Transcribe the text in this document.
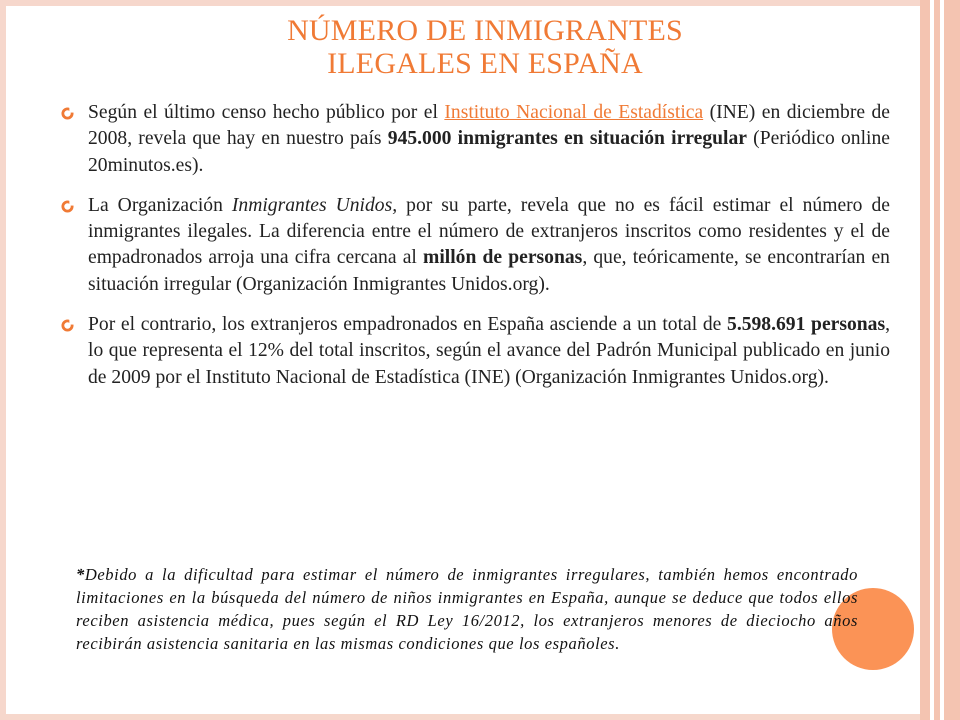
NÚMERO DE INMIGRANTES
ILEGALES EN ESPAÑA
Según el último censo hecho público por el Instituto Nacional de Estadística (INE) en diciembre de 2008, revela que hay en nuestro país 945.000 inmigrantes en situación irregular (Periódico online 20minutos.es).
La Organización Inmigrantes Unidos, por su parte, revela que no es fácil estimar el número de inmigrantes ilegales. La diferencia entre el número de extranjeros inscritos como residentes y el de empadronados arroja una cifra cercana al millón de personas, que, teóricamente, se encontrarían en situación irregular (Organización Inmigrantes Unidos.org).
Por el contrario, los extranjeros empadronados en España asciende a un total de 5.598.691 personas, lo que representa el 12% del total inscritos, según el avance del Padrón Municipal publicado en junio de 2009 por el Instituto Nacional de Estadística (INE) (Organización Inmigrantes Unidos.org).
*Debido a la dificultad para estimar el número de inmigrantes irregulares, también hemos encontrado limitaciones en la búsqueda del número de niños inmigrantes en España, aunque se deduce que todos ellos reciben asistencia médica, pues según el RD Ley 16/2012, los extranjeros menores de dieciocho años recibirán asistencia sanitaria en las mismas condiciones que los españoles.
